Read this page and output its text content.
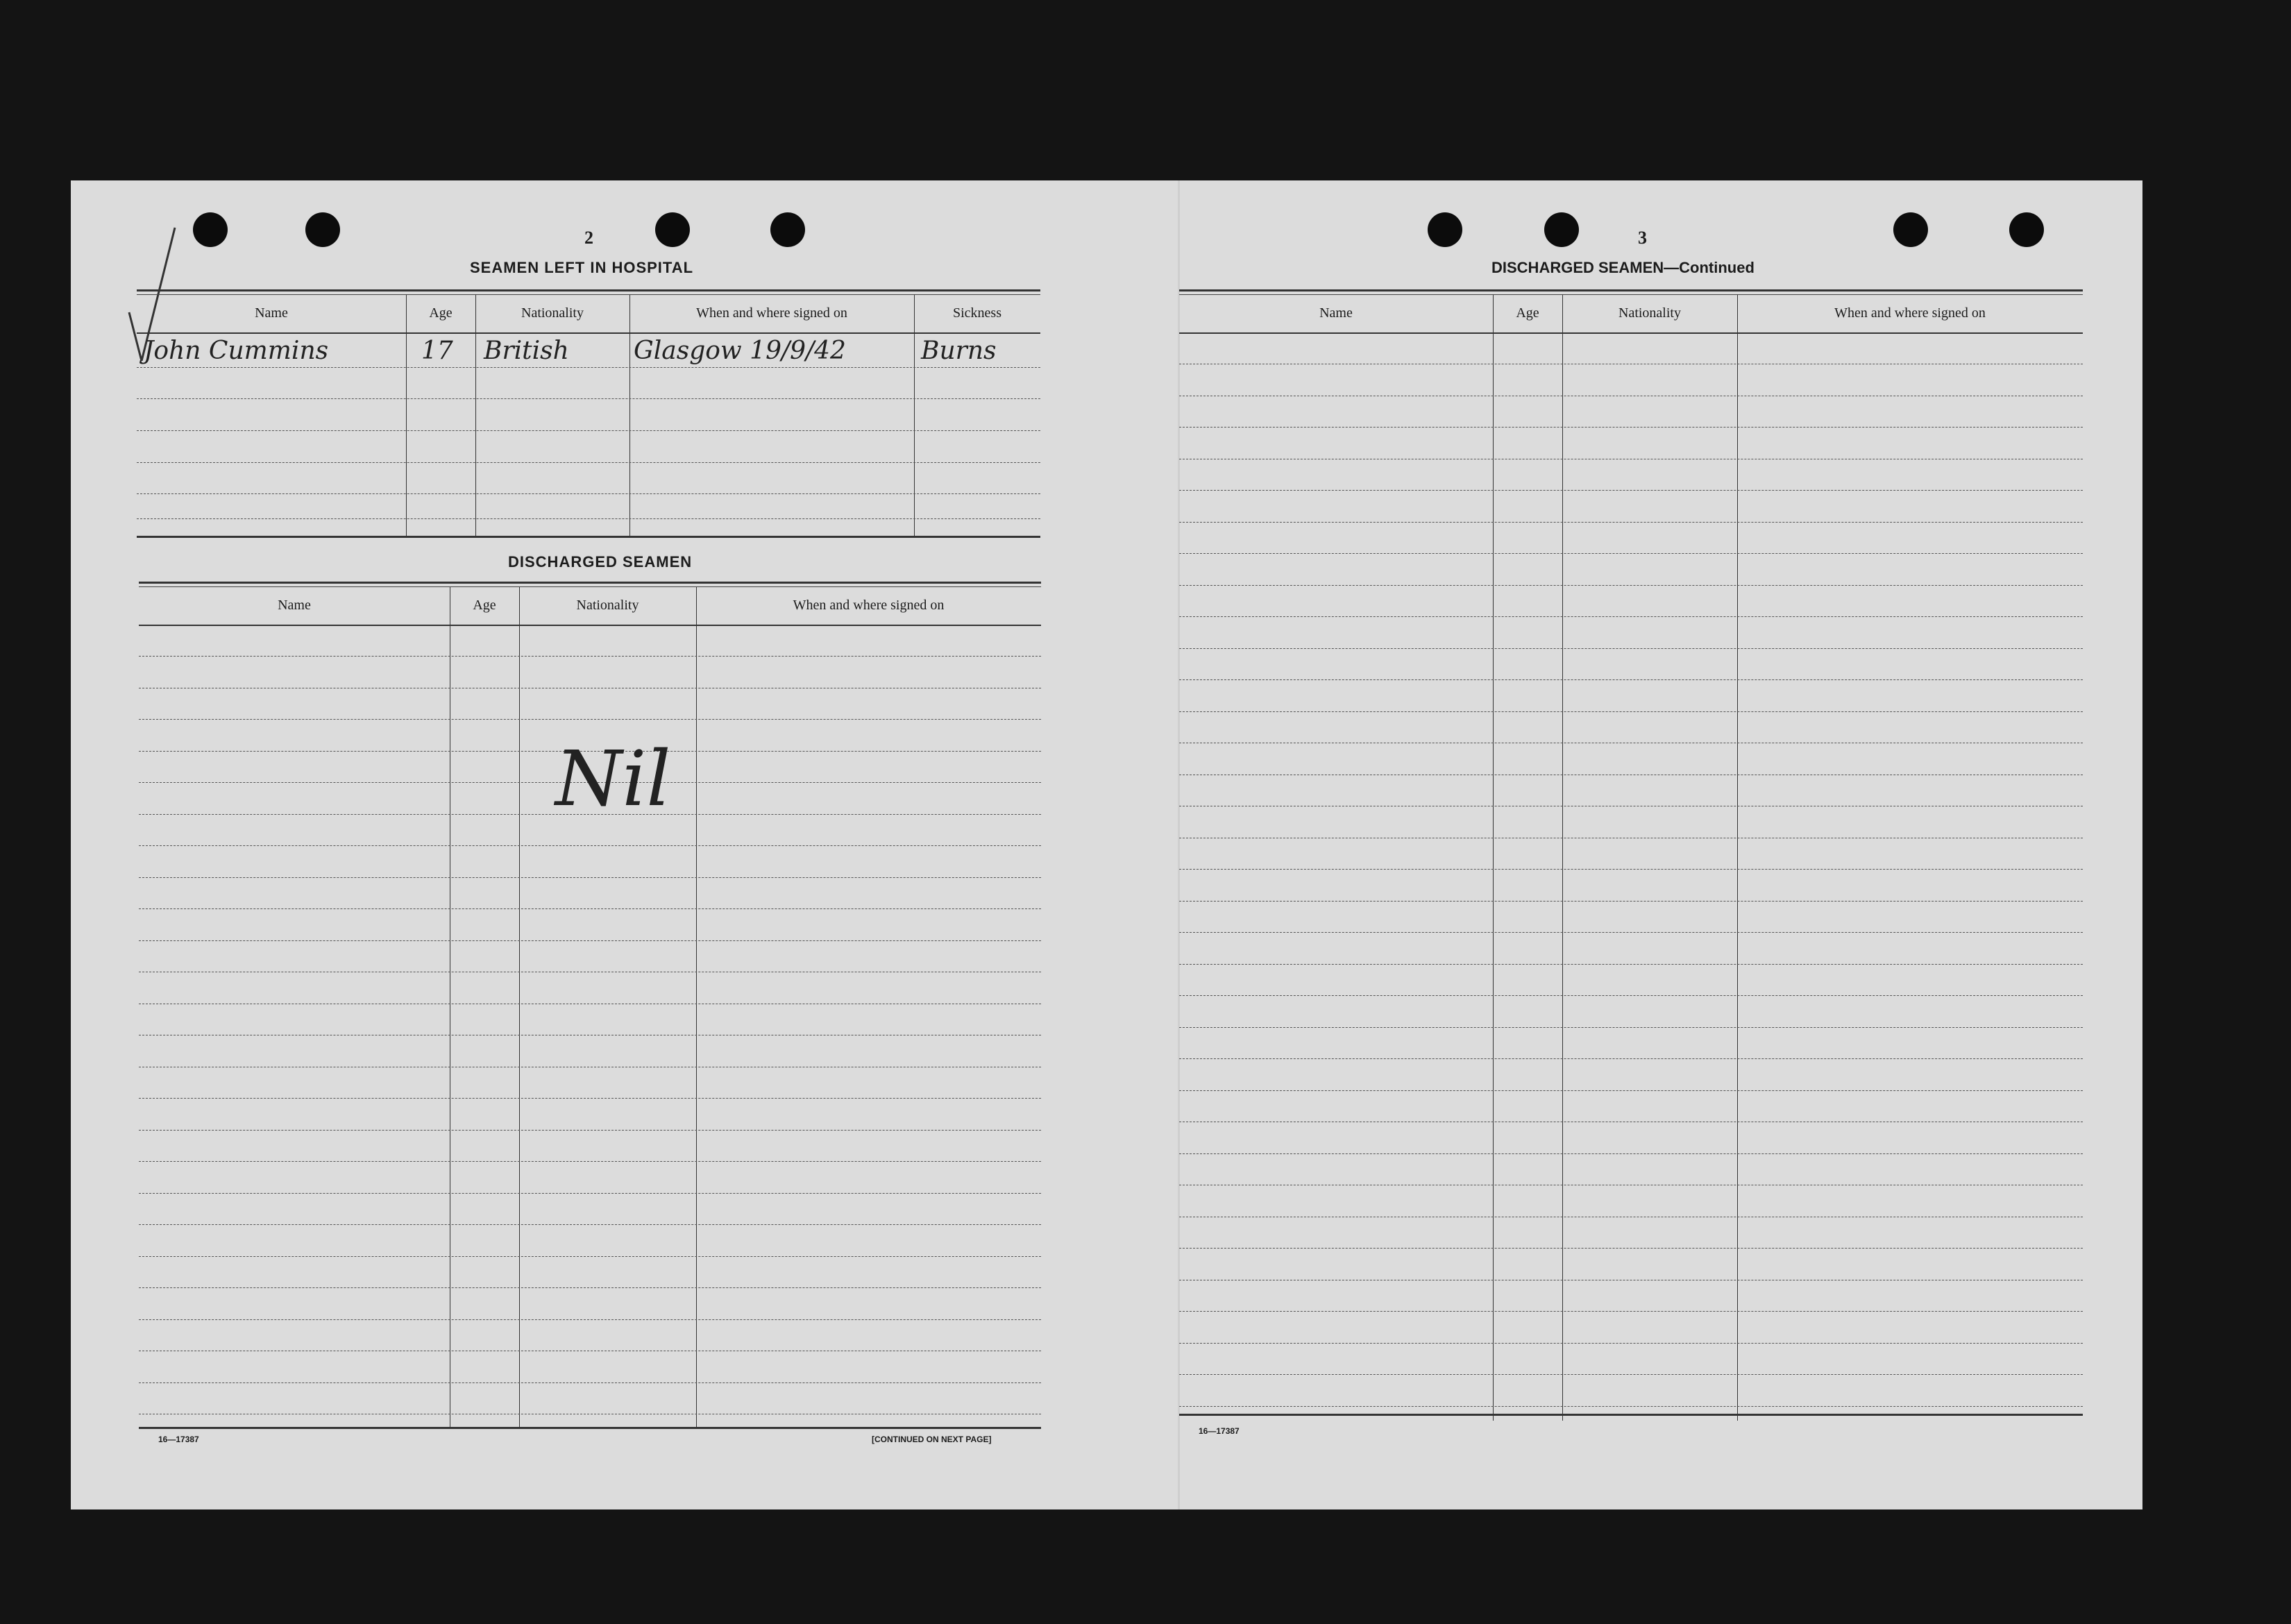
2
SEAMEN LEFT IN HOSPITAL
Name	Age	Nationality	When and where signed on	Sickness
John Cummins	17 British	Glasgow 19/9/42	Burns
DISCHARGED SEAMEN
Name	Age	Nationality	When and where signed on
Nil
16—17387	[CONTINUED ON NEXT PAGE]
3
DISCHARGED SEAMEN—Continued
Name	Age	Nationality	When and where signed on
16—17387
